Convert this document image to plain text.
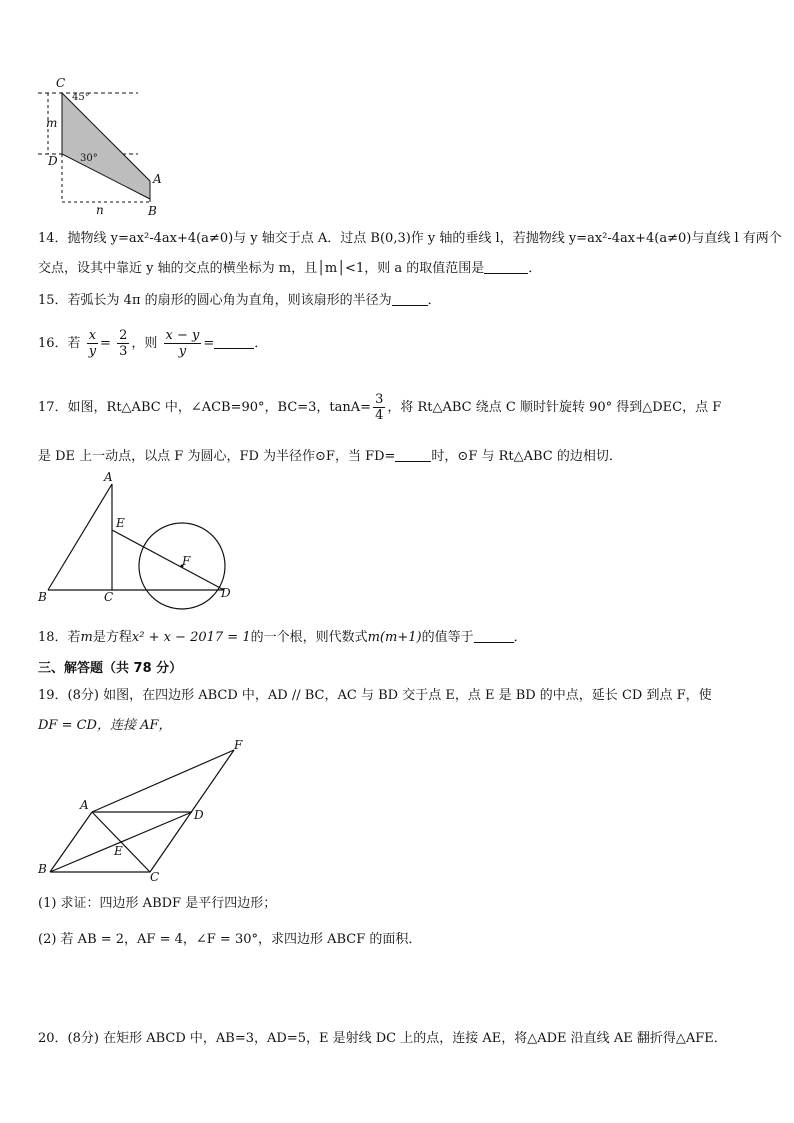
C
45°
m
D 30°
A
n	B
14．抛物线 y=ax²-4ax+4(a≠0)与 y 轴交于点 A．过点 B(0,3)作 y 轴的垂线 l，若抛物线 y=ax²-4ax+4(a≠0)与直线 l 有两个
交点，设其中靠近 y 轴的交点的横坐标为 m，且│m│<1，则 a 的取值范围是	．
15．若弧长为 4π 的扇形的圆心角为直角，则该扇形的半径为	．
16．若 $\frac{x}{y} = \frac{2}{3}$ ，则 $\frac{x - y}{y}$ =	．
17．如图，Rt△ABC 中，∠ACB=90°，BC=3，$\tan A= \frac{3}{4}$ ，将 Rt△ABC 绕点 C 顺时针旋转 90° 得到△DEC，点 F
是 DE 上一动点，以点 F 为圆心，FD 为半径作⊙F，当 FD=	时，⊙F 与 Rt△ABC 的边相切．
A
E
F
B	C	D
18．若m是方程x² + x − 2017 = 1的一个根，则代数式m(m+1)的值等于	．
三、解答题（共 78 分）
19．(8分) 如图，在四边形 ABCD 中，AD // BC，AC 与 BD 交于点 E，点 E 是 BD 的中点，延长 CD 到点 F，使
DF = CD，连接 AF，
F
A
D
E
B
C
(1) 求证：四边形 ABDF 是平行四边形；
(2) 若 AB = 2，AF = 4，∠F = 30°，求四边形 ABCF 的面积．
20．(8分) 在矩形 ABCD 中，AB=3，AD=5，E 是射线 DC 上的点，连接 AE，将△ADE 沿直线 AE 翻折得△AFE．
